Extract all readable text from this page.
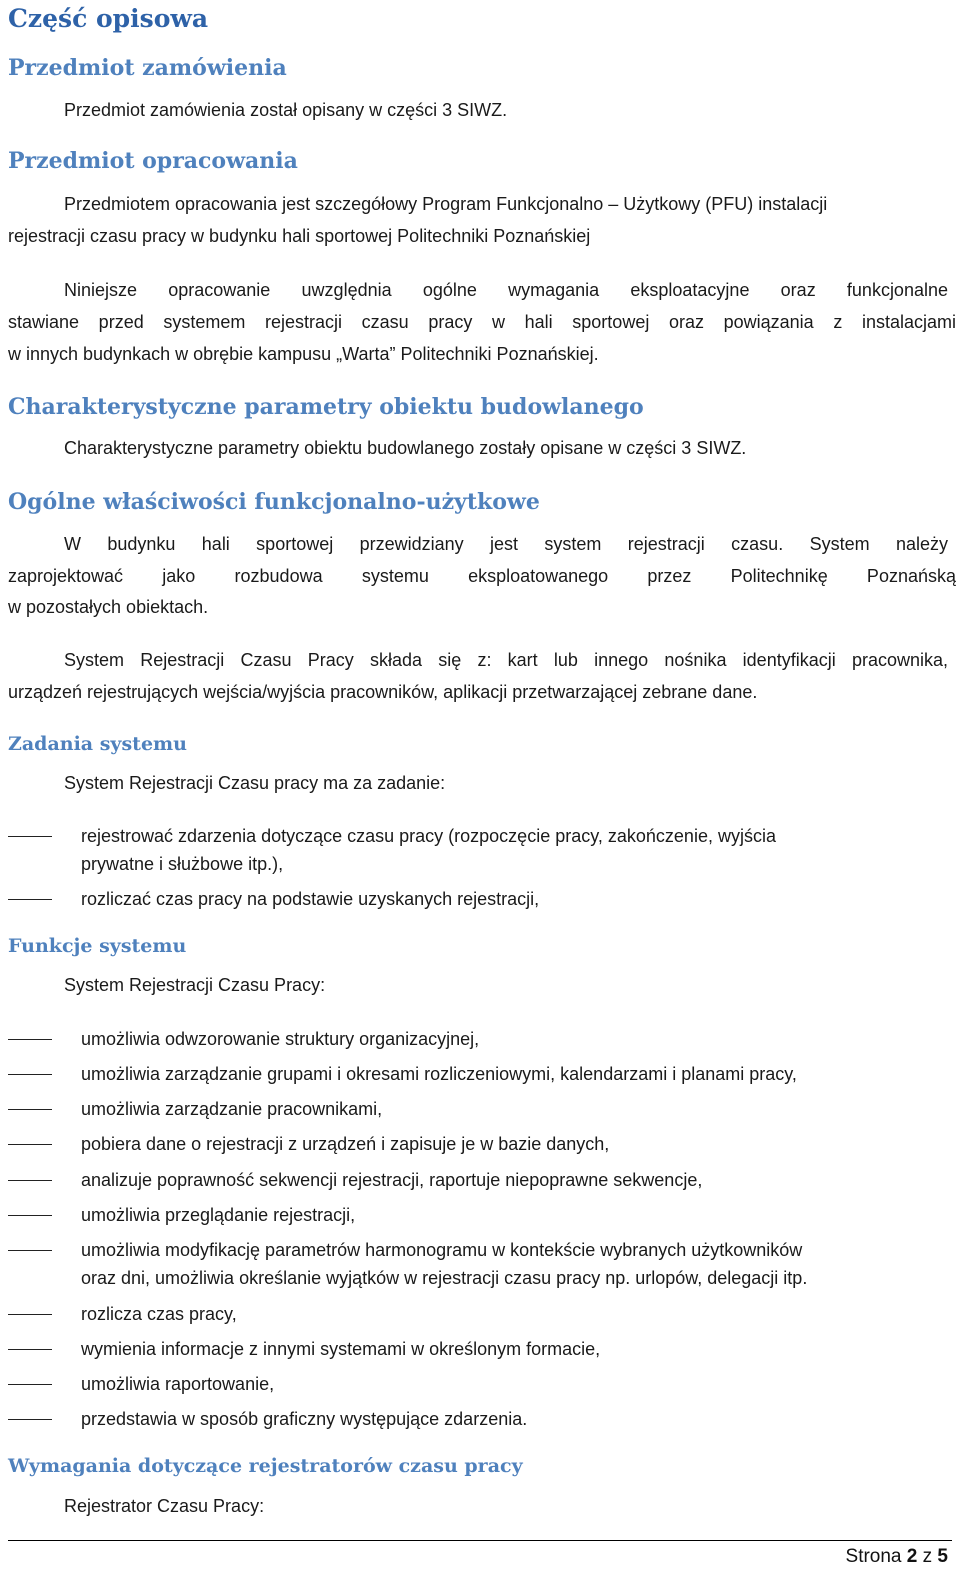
Część opisowa
Przedmiot zamówienia
Przedmiot zamówienia został opisany w części 3 SIWZ.
Przedmiot opracowania
Przedmiotem opracowania jest szczegółowy Program Funkcjonalno – Użytkowy (PFU) instalacji
rejestracji czasu pracy w budynku hali sportowej Politechniki Poznańskiej
Niniejsze opracowanie uwzględnia ogólne wymagania eksploatacyjne oraz funkcjonalne
stawiane przed systemem rejestracji czasu pracy w hali sportowej oraz powiązania z instalacjami
w innych budynkach w obrębie kampusu „Warta” Politechniki Poznańskiej.
Charakterystyczne parametry obiektu budowlanego
Charakterystyczne parametry obiektu budowlanego zostały opisane w części 3 SIWZ.
Ogólne właściwości funkcjonalno-użytkowe
W budynku hali sportowej przewidziany jest system rejestracji czasu. System należy
zaprojektować jako rozbudowa systemu eksploatowanego przez Politechnikę Poznańską
w pozostałych obiektach.
System Rejestracji Czasu Pracy składa się z: kart lub innego nośnika identyfikacji pracownika,
urządzeń rejestrujących wejścia/wyjścia pracowników, aplikacji przetwarzającej zebrane dane.
Zadania systemu
System Rejestracji Czasu pracy ma za zadanie:
rejestrować zdarzenia dotyczące czasu pracy (rozpoczęcie pracy, zakończenie, wyjścia
prywatne i służbowe itp.),
rozliczać czas pracy na podstawie uzyskanych rejestracji,
Funkcje systemu
System Rejestracji Czasu Pracy:
umożliwia odwzorowanie struktury organizacyjnej,
umożliwia zarządzanie grupami i okresami rozliczeniowymi, kalendarzami i planami pracy,
umożliwia zarządzanie pracownikami,
pobiera dane o rejestracji z urządzeń i zapisuje je w bazie danych,
analizuje poprawność sekwencji rejestracji, raportuje niepoprawne sekwencje,
umożliwia przeglądanie rejestracji,
umożliwia modyfikację parametrów harmonogramu w kontekście wybranych użytkowników
oraz dni, umożliwia określanie wyjątków w rejestracji czasu pracy np. urlopów, delegacji itp.
rozlicza czas pracy,
wymienia informacje z innymi systemami w określonym formacie,
umożliwia raportowanie,
przedstawia w sposób graficzny występujące zdarzenia.
Wymagania dotyczące rejestratorów czasu pracy
Rejestrator Czasu Pracy:
Strona 2 z 5
